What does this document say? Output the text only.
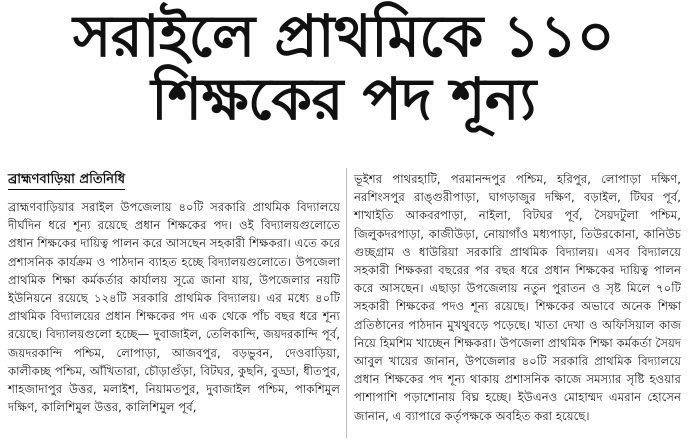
সরাইলে প্রাথমিকে ১১০
শিক্ষকের পদ শূন্য
ব্রাহ্মণবাড়িয়া প্রতিনিধি

ব্রাহ্মণবাড়িয়ার সরাইল উপজেলায় ৪০টি সরকারি প্রাথমিক বিদ্যালয়ে দীর্ঘদিন ধরে শূন্য রয়েছে প্রধান শিক্ষকের পদ। ওই বিদ্যালয়গুলোতে প্রধান শিক্ষকের দায়িত্ব পালন করে আসছেন সহকারী শিক্ষকরা। এতে করে প্রশাসনিক কার্যক্রম ও পাঠদান ব্যাহত হচ্ছে বিদ্যালয়গুলোতে। উপজেলা প্রাথমিক শিক্ষা কর্মকর্তার কার্যালয় সূত্রে জানা যায়, উপজেলার নয়টি ইউনিয়নে রয়েছে ১২৪টি সরকারি প্রাথমিক বিদ্যালয়। এর মধ্যে ৪০টি প্রাথমিক বিদ্যালয়ের প্রধান শিক্ষকের পদ এক থেকে পাঁচ বছর ধরে শূন্য রয়েছে। বিদ্যালয়গুলো হচ্ছে— দুবাজাইল, তেলিকান্দি, জয়দরকান্দি পূর্ব, জয়দরকান্দি পশ্চিম, লোপাড়া, আজবপুর, বড়ভুবন, দেওবাড়িয়া, কালীকচ্ছ পশ্চিম, আঁখিতারা, চৌড়াগুঁড়া, বিটঘর, কুছনি, বুড্ডা, ধীতপুর, শাহজাদাপুর উত্তর, মলাইশ, নিয়ামতপুর, দুবাজাইল পশ্চিম, পাকশিমুল দক্ষিণ, কালিশিমুল উত্তর, কালিশিমুল পূর্ব,

ভূইশর পাথরহাটি, পরমানন্দপুর পশ্চিম, হরিপুর, লোপাড়া দক্ষিণ, নরশিংসপুর রাঙ্গুরীপাড়া, ঘাগড়াজুর দক্ষিণ, বড়াইল, টিঘর পূর্ব, শাখাইতি আকবরপাড়া, নাইলা, বিটঘর পূর্ব, সৈয়দটুলা পশ্চিম, জিলুকদরপাড়া, কাজীউড়া, নোয়াগাঁও মধ্যপাড়া, তিউরকোনা, কানিউচ গুচ্ছগ্রাম ও ধাউরিয়া সরকারি প্রাথমিক বিদ্যালয়। এসব বিদ্যালয়ে সহকারী শিক্ষকরা বছরের পর বছর ধরে প্রধান শিক্ষকের দায়িত্ব পালন করে আসছেন। এছাড়া উপজেলায় নতুন পুরাতন ও সৃষ্ট মিলে ৭০টি সহকারী শিক্ষকের পদও শূন্য রয়েছে। শিক্ষকের অভাবে অনেক শিক্ষা প্রতিষ্ঠানের পাঠদান মুখথুবড়ে পড়েছে। খাতা দেখা ও অফিসিয়াল কাজ নিয়ে হিমশিম খাচ্ছেন শিক্ষকরা। উপজেলা প্রাথমিক শিক্ষা কর্মকর্তা সৈয়দ আবুল খায়ের জানান, উপজেলার ৪০টি সরকারি প্রাথমিক বিদ্যালয়ে প্রধান শিক্ষকের পদ শূন্য থাকায় প্রশাসনিক কাজে সমস্যার সৃষ্টি হওয়ার পাশাপাশি পড়াশোনায় বিঘ্ন হচ্ছে। ইউএনও মোহাম্মদ এমরান হোসেন জানান, এ ব্যাপারে কর্তৃপক্ষকে অবহিত করা হয়েছে।
